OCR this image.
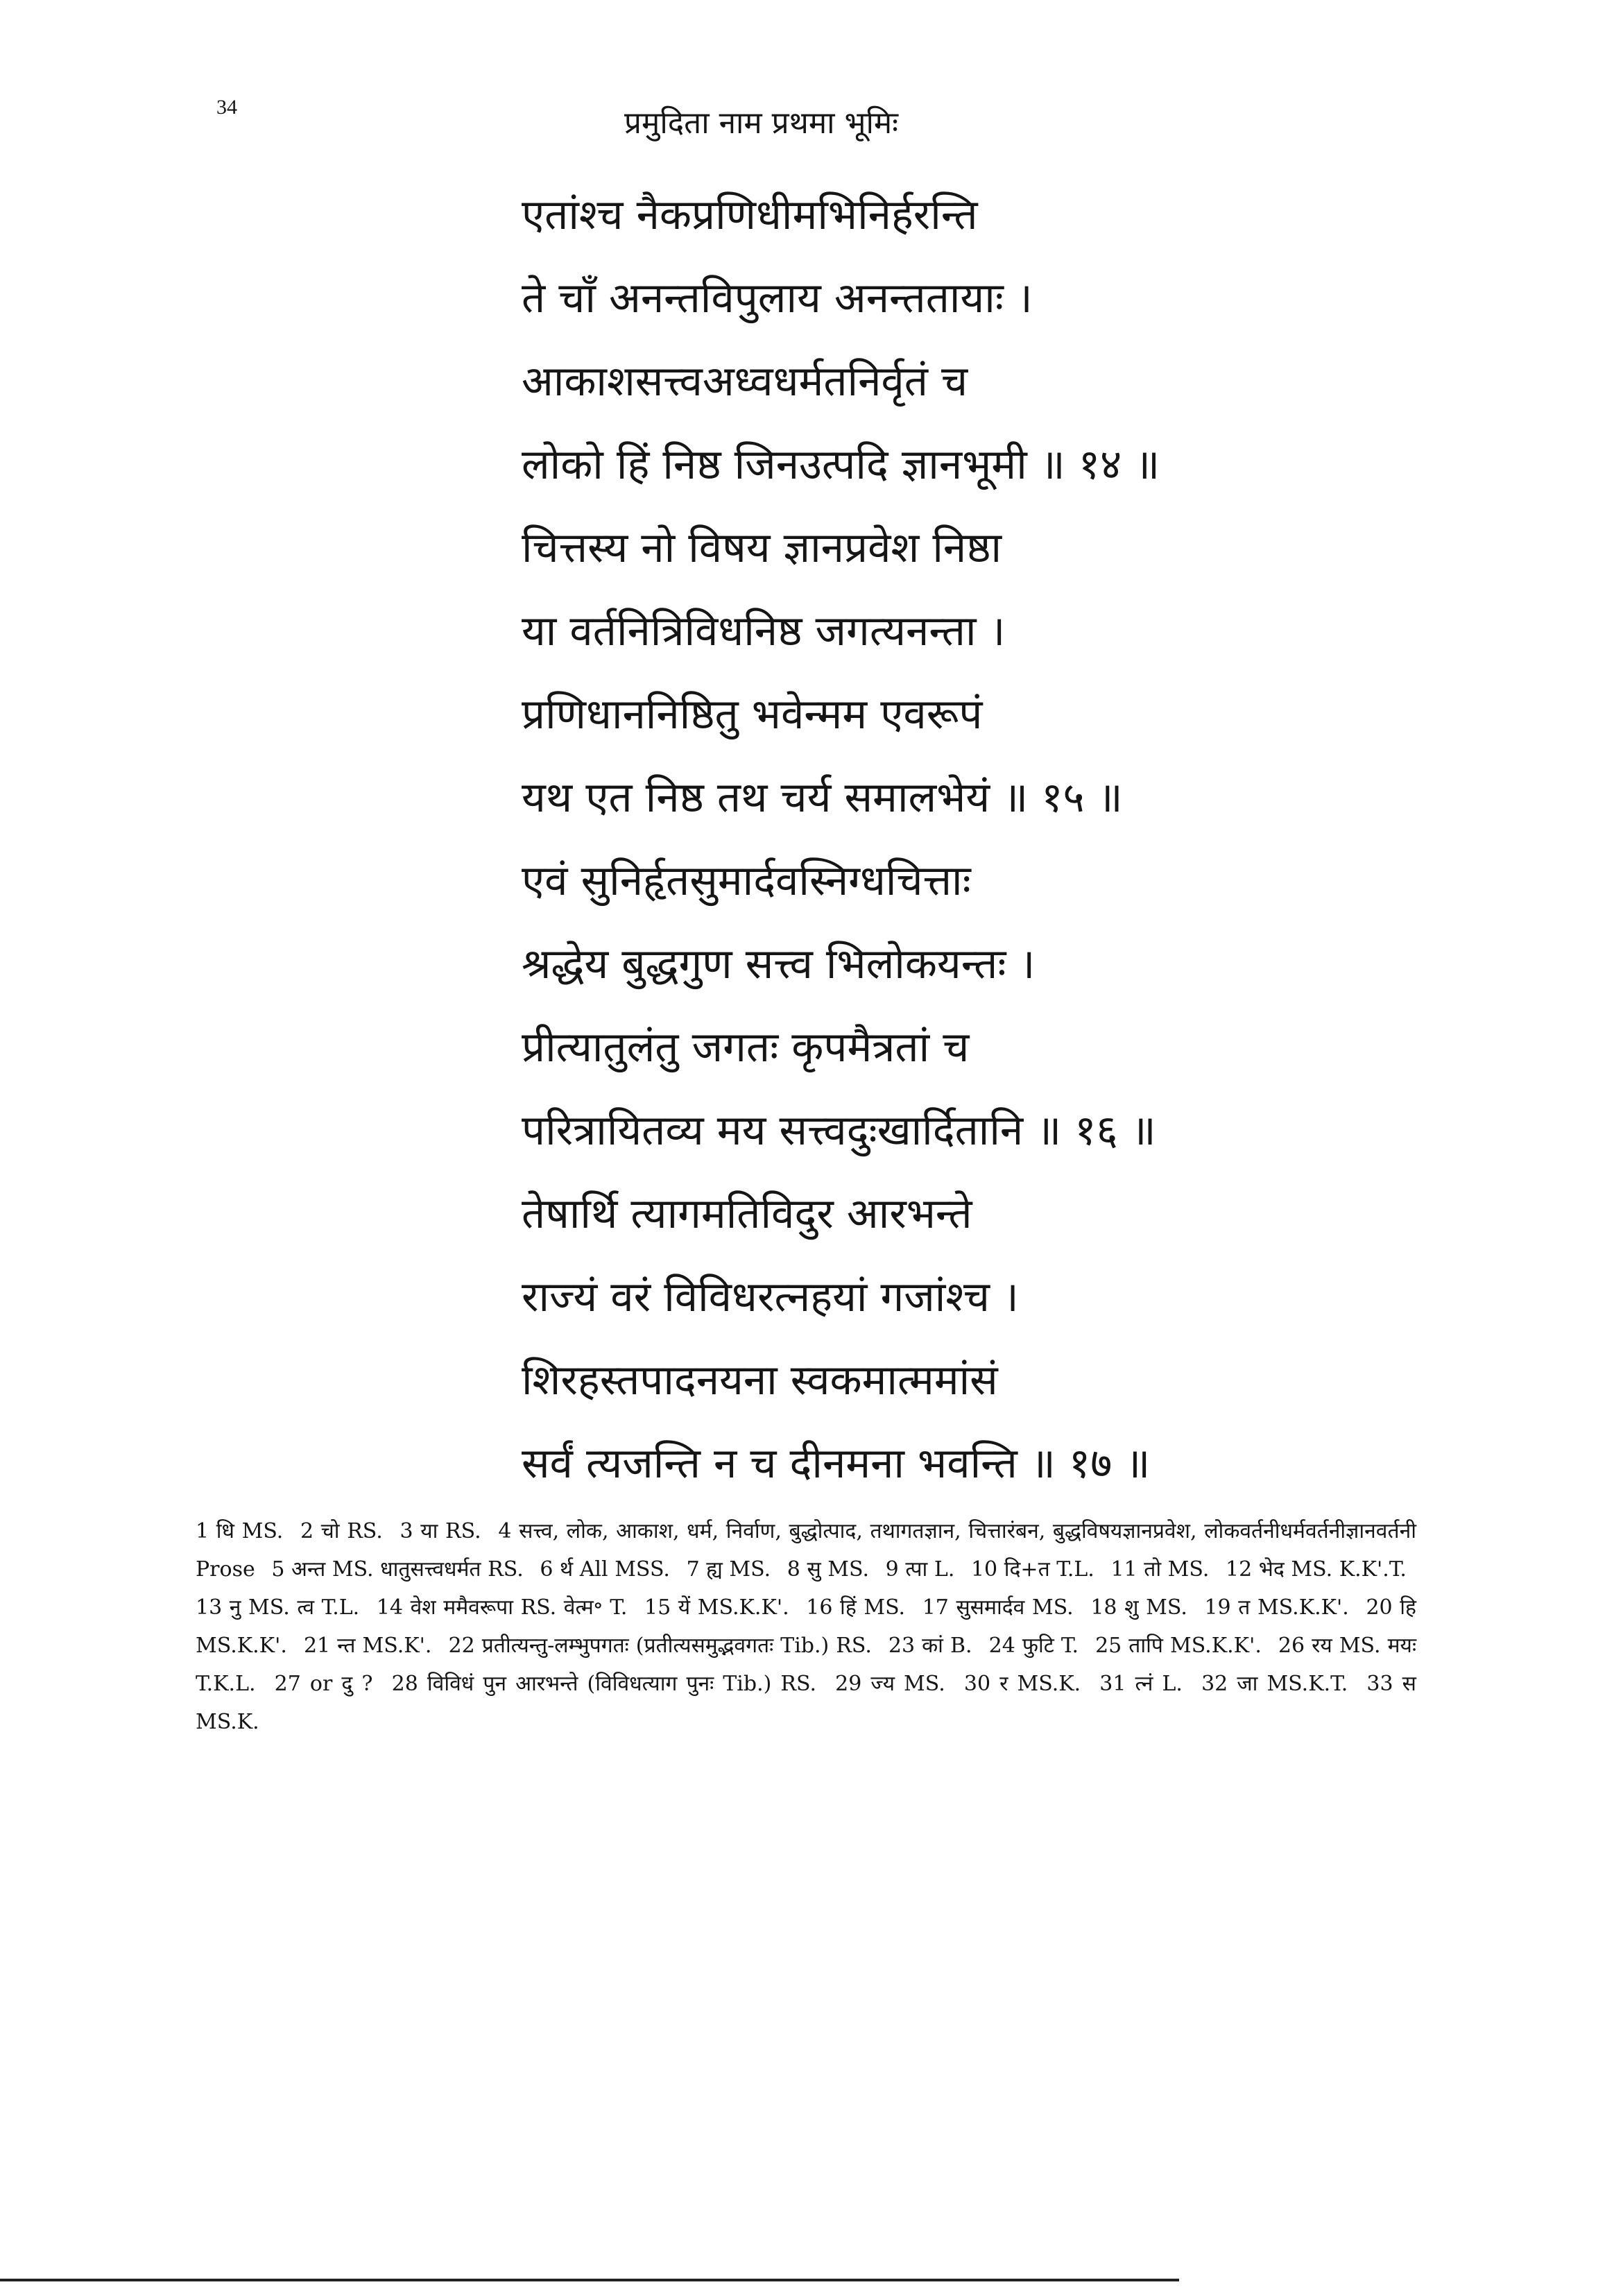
34	प्रमुदिता नाम प्रथमा भूमिः
एतांश्च नैकप्रणिधीमभिनिर्हरन्ति
ते चाँ अनन्तविपुलाय अनन्ततायाः ।
आकाशसत्त्वअध्वधर्मतनिर्वृतं च
लोको हिं निष्ठ जिनउत्पदि ज्ञानभूमी ॥ १४ ॥
चित्तस्य नो विषय ज्ञानप्रवेश निष्ठा
या वर्तनित्रिविधनिष्ठ जगत्यनन्ता ।
प्रणिधाननिष्ठितु भवेन्मम एवरूपं
यथ एत निष्ठ तथ चर्य समालभेयं ॥ १५ ॥
एवं सुनिर्हृतसुमार्दवस्निग्धचित्ताः
श्रद्धेय बुद्धगुण सत्त्व भिलोकयन्तः ।
प्रीत्यातुलंतु जगतः कृपमैत्रतां च
परित्रायितव्य मय सत्त्वदुःखार्दितानि ॥ १६ ॥
तेषार्थि त्यागमतिविदुर आरभन्ते
राज्यं वरं विविधरत्नहयां गजांश्च ।
शिरहस्तपादनयना स्वकमात्ममांसं
सर्वं त्यजन्ति न च दीनमना भवन्ति ॥ १७ ॥
1 धि MS. 2 चो RS. 3 या RS. 4 सत्त्व, लोक, आकाश, धर्म, निर्वाण, बुद्धोत्पाद, तथागतज्ञान, चित्तारंबन, बुद्धविषयज्ञानप्रवेश, लोकवर्तनीधर्मवर्तनीज्ञानवर्तनी Prose 5 अन्त MS. धातुसत्त्वधर्मत RS. 6 र्थ All MSS. 7 ह्य MS. 8 सु MS. 9 त्पा L. 10 दि+त T.L. 11 तो MS. 12 भेद MS. K.K'.T. 13 नु MS. त्व T.L. 14 वेश ममैवरूपा RS. वेत्म॰ T. 15 यें MS.K.K'. 16 हिं MS. 17 सुसमार्दव MS. 18 शु MS. 19 त MS.K.K'. 20 हि MS.K.K'. 21 न्त MS.K'. 22 प्रतीत्यन्तु-लम्भुपगतः (प्रतीत्यसमुद्भवगतः Tib.) RS. 23 कां B. 24 फुटि T. 25 तापि MS.K.K'. 26 रय MS. मयः T.K.L. 27 or दु ? 28 विविधं पुन आरभन्ते (विविधत्याग पुनः Tib.) RS. 29 ज्य MS. 30 र MS.K. 31 त्नं L. 32 जा MS.K.T. 33 स MS.K.
